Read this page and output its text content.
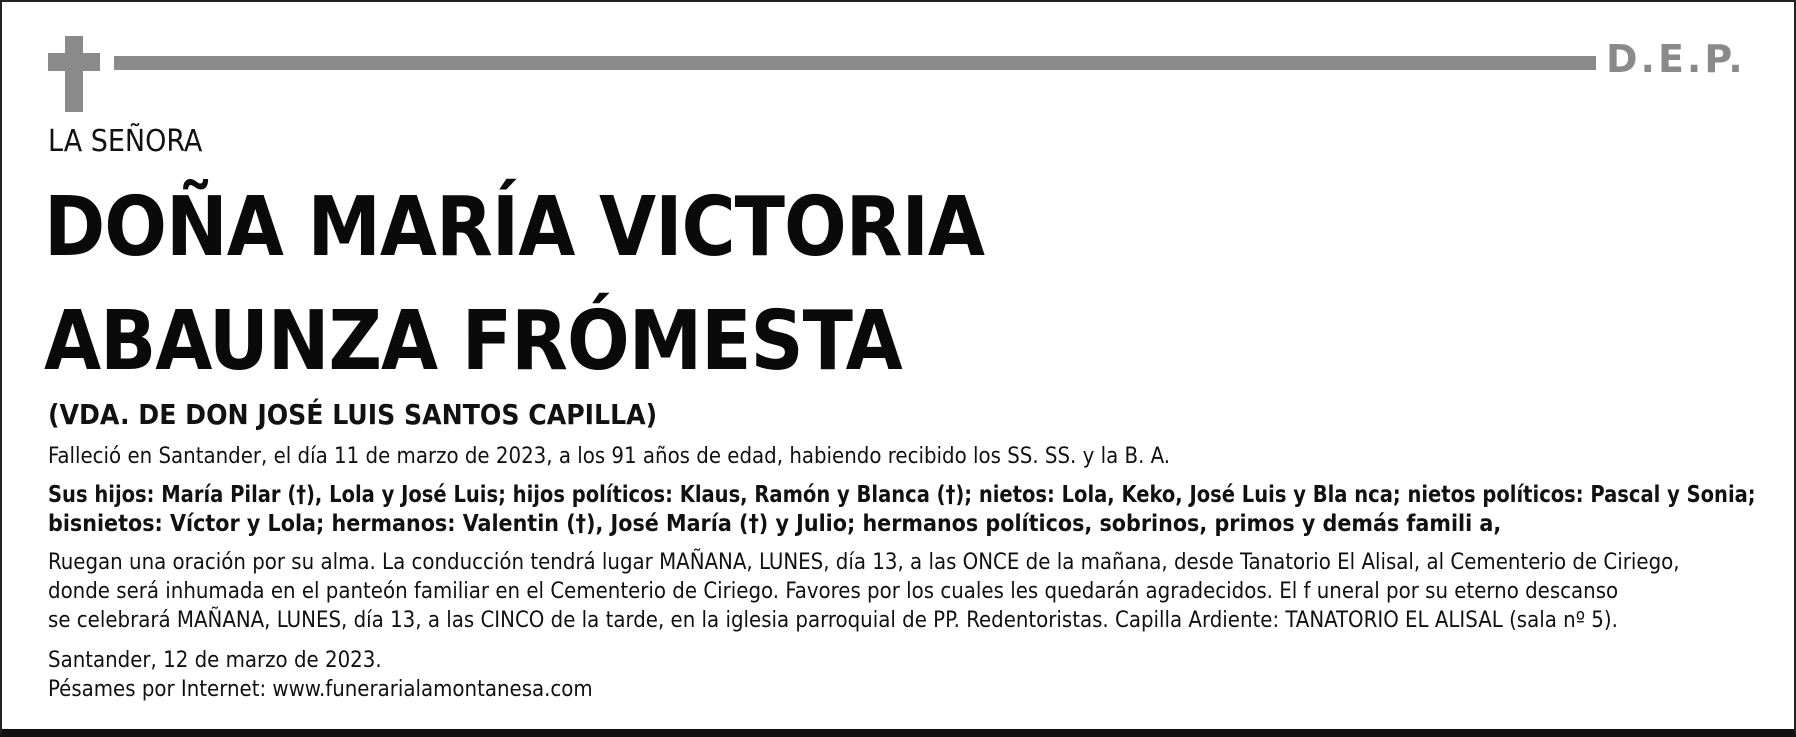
D.E.P.
LA SEÑORA
DOÑA MARÍA VICTORIA
ABAUNZA FRÓMESTA
(VDA. DE DON JOSÉ LUIS SANTOS CAPILLA)
Falleció en Santander, el día 11 de marzo de 2023, a los 91 años de edad, habiendo recibido los SS. SS. y la B. A.
Sus hijos: María Pilar (†), Lola y José Luis; hijos políticos: Klaus, Ramón y Blanca (†); nietos: Lola, Keko, José Luis y Bla nca; nietos políticos: Pascal y Sonia;
bisnietos: Víctor y Lola; hermanos: Valentin (†), José María (†) y Julio; hermanos políticos, sobrinos, primos y demás famili a,
Ruegan una oración por su alma. La conducción tendrá lugar MAÑANA, LUNES, día 13, a las ONCE de la mañana, desde Tanatorio El Alisal, al Cementerio de Ciriego,
donde será inhumada en el panteón familiar en el Cementerio de Ciriego. Favores por los cuales les quedarán agradecidos. El f uneral por su eterno descanso
se celebrará MAÑANA, LUNES, día 13, a las CINCO de la tarde, en la iglesia parroquial de PP. Redentoristas. Capilla Ardiente: TANATORIO EL ALISAL (sala nº 5).
Santander, 12 de marzo de 2023.
Pésames por Internet: www.funerarialamontanesa.com
